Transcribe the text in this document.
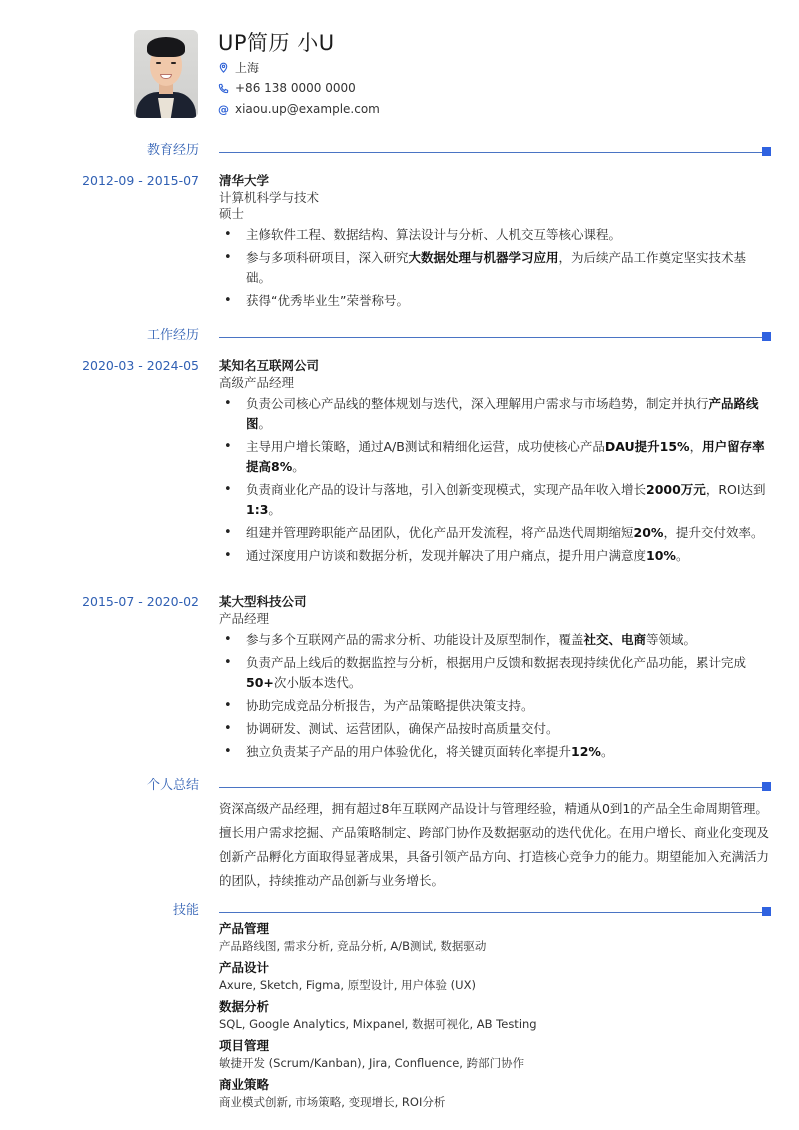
UP简历 小U
上海
+86 138 0000 0000
@ xiaou.up@example.com
教育经历
2012-09 - 2015-07 清华大学
计算机科学与技术
硕士
• 主修软件工程、数据结构、算法设计与分析、人机交互等核心课程。
• 参与多项科研项目，深入研究大数据处理与机器学习应用，为后续产品工作奠定坚实技术基础。
• 获得“优秀毕业生”荣誉称号。
工作经历
2020-03 - 2024-05 某知名互联网公司
高级产品经理
• 负责公司核心产品线的整体规划与迭代，深入理解用户需求与市场趋势，制定并执行产品路线图。
• 主导用户增长策略，通过A/B测试和精细化运营，成功使核心产品DAU提升15%，用户留存率提高8%。
• 负责商业化产品的设计与落地，引入创新变现模式，实现产品年收入增长2000万元，ROI达到1:3。
• 组建并管理跨职能产品团队，优化产品开发流程，将产品迭代周期缩短20%，提升交付效率。
• 通过深度用户访谈和数据分析，发现并解决了用户痛点，提升用户满意度10%。
2015-07 - 2020-02 某大型科技公司
产品经理
• 参与多个互联网产品的需求分析、功能设计及原型制作，覆盖社交、电商等领域。
• 负责产品上线后的数据监控与分析，根据用户反馈和数据表现持续优化产品功能，累计完成50+次小版本迭代。
• 协助完成竞品分析报告，为产品策略提供决策支持。
• 协调研发、测试、运营团队，确保产品按时高质量交付。
• 独立负责某子产品的用户体验优化，将关键页面转化率提升12%。
个人总结
资深高级产品经理，拥有超过8年互联网产品设计与管理经验，精通从0到1的产品全生命周期管理。擅长用户需求挖掘、产品策略制定、跨部门协作及数据驱动的迭代优化。在用户增长、商业化变现及创新产品孵化方面取得显著成果，具备引领产品方向、打造核心竞争力的能力。期望能加入充满活力的团队，持续推动产品创新与业务增长。
技能
产品管理
产品路线图, 需求分析, 竞品分析, A/B测试, 数据驱动
产品设计
Axure, Sketch, Figma, 原型设计, 用户体验 (UX)
数据分析
SQL, Google Analytics, Mixpanel, 数据可视化, AB Testing
项目管理
敏捷开发 (Scrum/Kanban), Jira, Confluence, 跨部门协作
商业策略
商业模式创新, 市场策略, 变现增长, ROI分析
